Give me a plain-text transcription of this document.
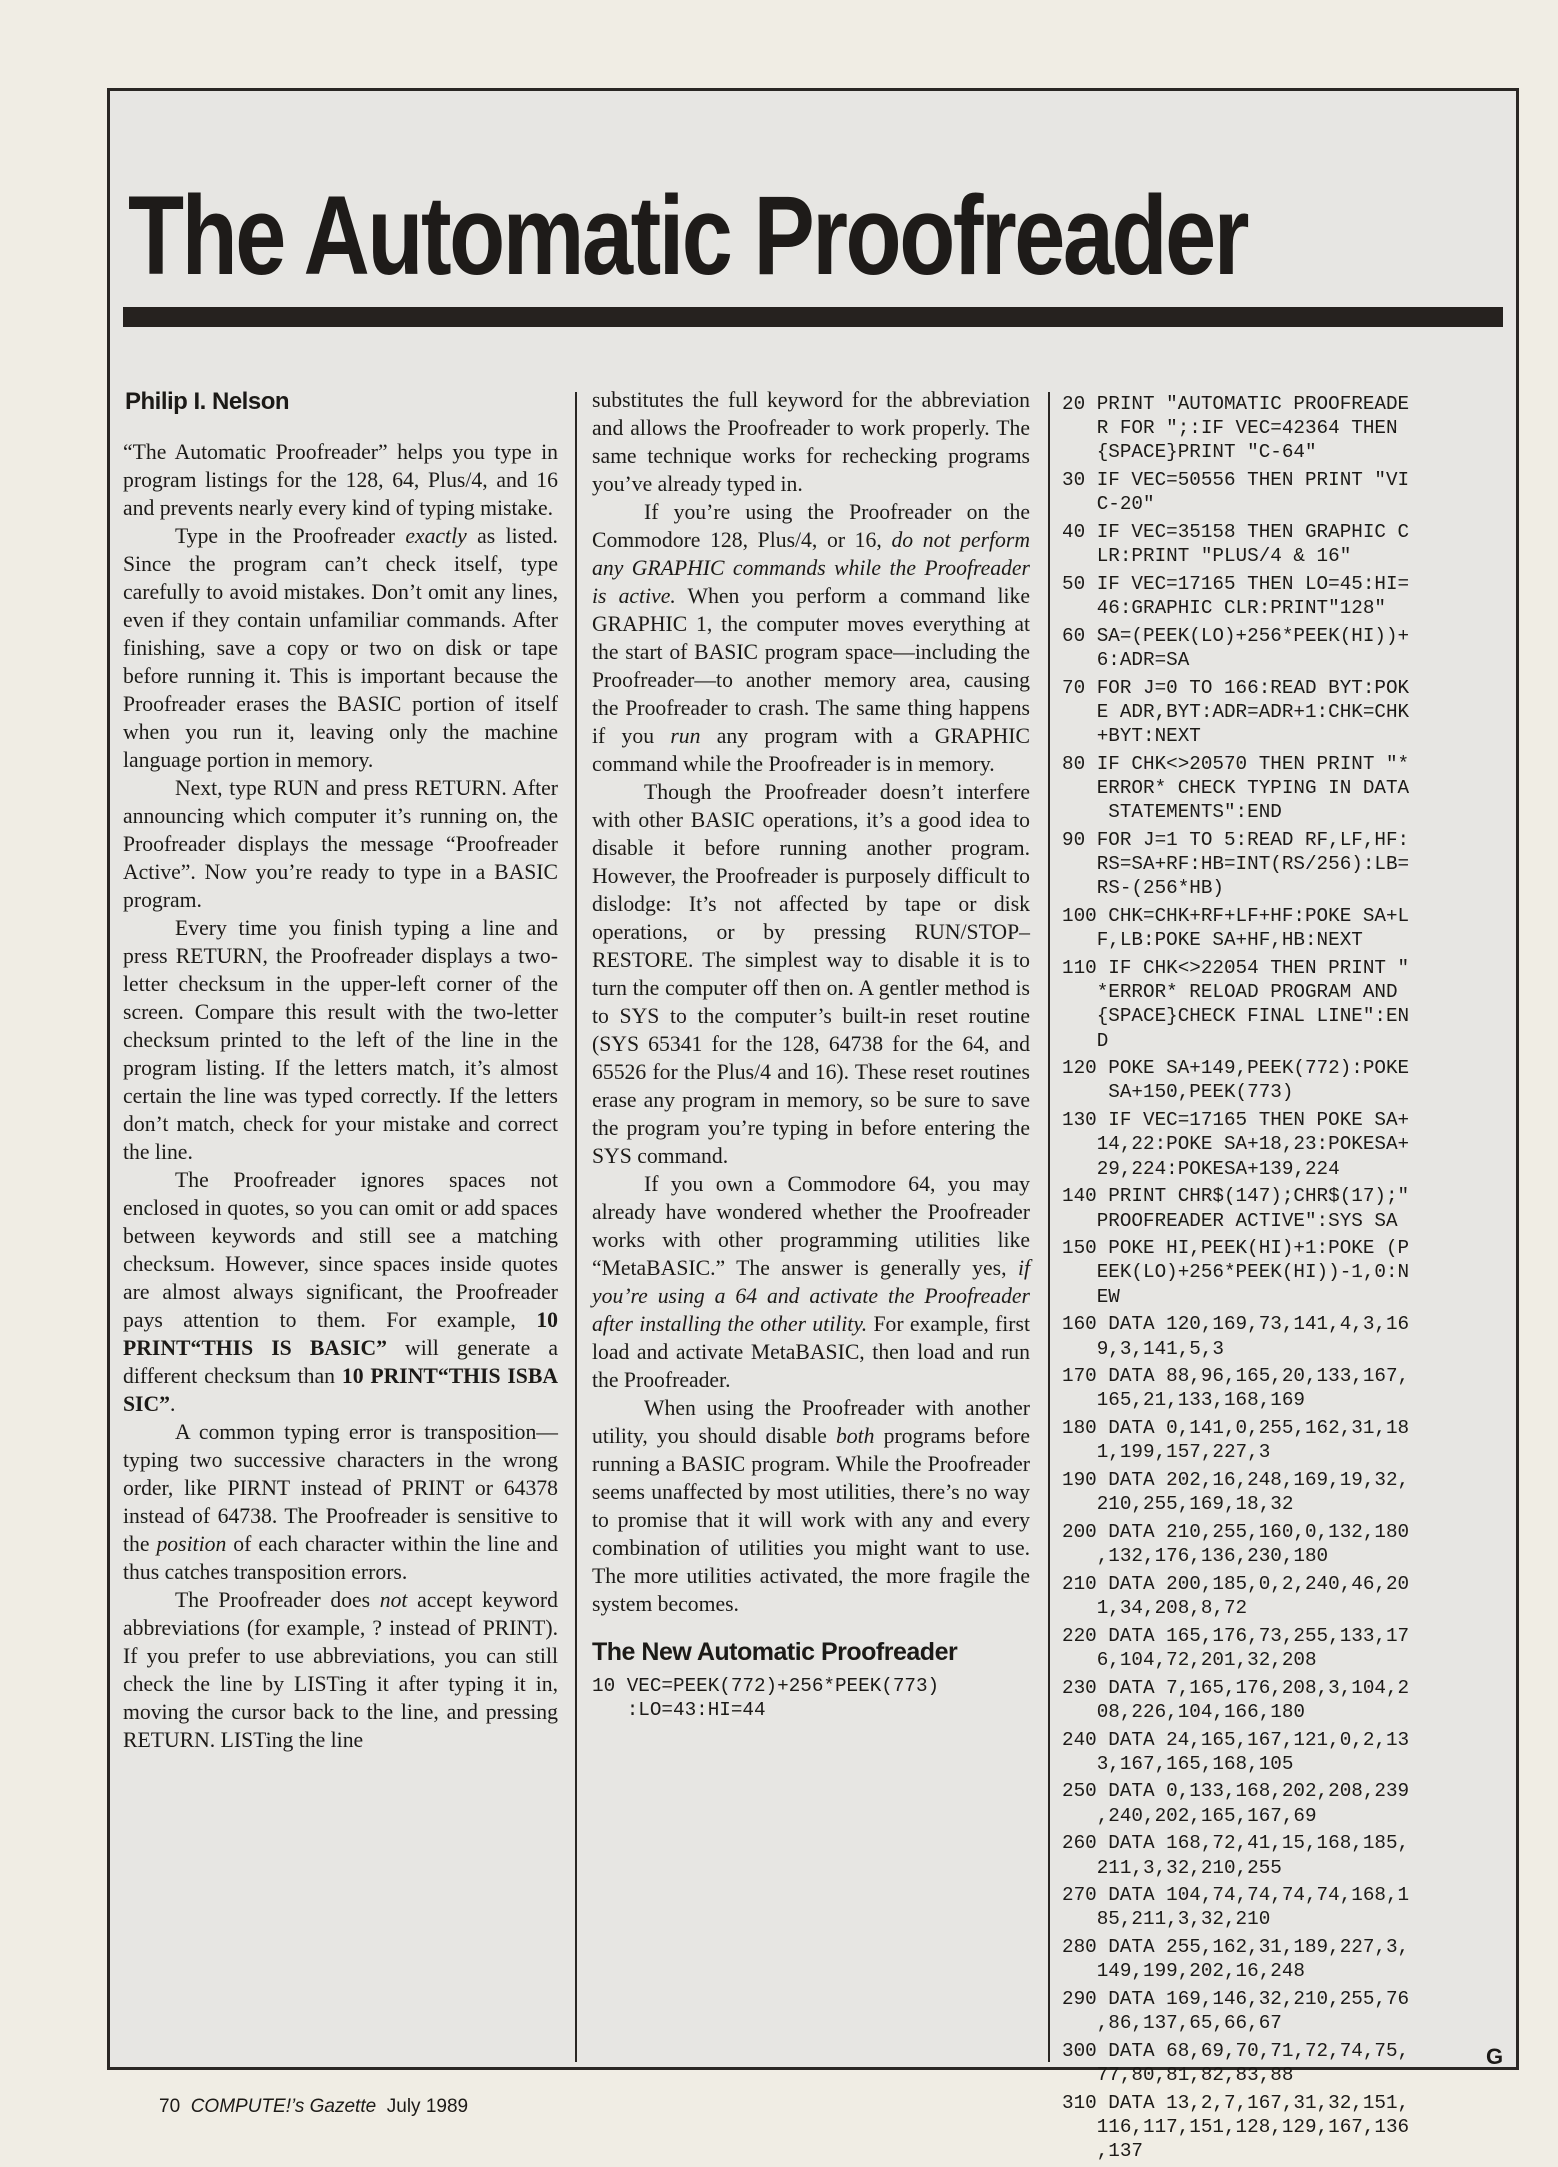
The Automatic Proofreader
Philip I. Nelson

“The Automatic Proofreader” helps you type in program listings for the 128, 64, Plus/4, and 16 and prevents nearly every kind of typing mistake.

Type in the Proofreader exactly as listed. Since the program can’t check itself, type carefully to avoid mistakes. Don’t omit any lines, even if they contain unfamiliar commands. After finishing, save a copy or two on disk or tape before running it. This is important because the Proofreader erases the BASIC portion of itself when you run it, leaving only the machine language portion in memory.

Next, type RUN and press RETURN. After announcing which computer it’s running on, the Proofreader displays the message “Proofreader Active”. Now you’re ready to type in a BASIC program.

Every time you finish typing a line and press RETURN, the Proofreader displays a two-letter checksum in the upper-left corner of the screen. Compare this result with the two-letter checksum printed to the left of the line in the program listing. If the letters match, it’s almost certain the line was typed correctly. If the letters don’t match, check for your mistake and correct the line.

The Proofreader ignores spaces not enclosed in quotes, so you can omit or add spaces between keywords and still see a matching checksum. However, since spaces inside quotes are almost always significant, the Proofreader pays attention to them. For example, 10 PRINT“THIS IS BASIC” will generate a different checksum than 10 PRINT“THIS ISBA SIC”.

A common typing error is transposition—typing two successive characters in the wrong order, like PIRNT instead of PRINT or 64378 instead of 64738. The Proofreader is sensitive to the position of each character within the line and thus catches transposition errors.

The Proofreader does not accept keyword abbreviations (for example, ? instead of PRINT). If you prefer to use abbreviations, you can still check the line by LISTing it after typing it in, moving the cursor back to the line, and pressing RETURN. LISTing the line

substitutes the full keyword for the abbreviation and allows the Proofreader to work properly. The same technique works for rechecking programs you’ve already typed in.

If you’re using the Proofreader on the Commodore 128, Plus/4, or 16, do not perform any GRAPHIC commands while the Proofreader is active. When you perform a command like GRAPHIC 1, the computer moves everything at the start of BASIC program space—including the Proofreader—to another memory area, causing the Proofreader to crash. The same thing happens if you run any program with a GRAPHIC command while the Proofreader is in memory.

Though the Proofreader doesn’t interfere with other BASIC operations, it’s a good idea to disable it before running another program. However, the Proofreader is purposely difficult to dislodge: It’s not affected by tape or disk operations, or by pressing RUN/STOP– RESTORE. The simplest way to disable it is to turn the computer off then on. A gentler method is to SYS to the computer’s built-in reset routine (SYS 65341 for the 128, 64738 for the 64, and 65526 for the Plus/4 and 16). These reset routines erase any program in memory, so be sure to save the program you’re typing in before entering the SYS command.

If you own a Commodore 64, you may already have wondered whether the Proofreader works with other programming utilities like “MetaBASIC.” The answer is generally yes, if you’re using a 64 and activate the Proofreader after installing the other utility. For example, first load and activate MetaBASIC, then load and run the Proofreader.

When using the Proofreader with another utility, you should disable both programs before running a BASIC program. While the Proofreader seems unaffected by most utilities, there’s no way to promise that it will work with any and every combination of utilities you might want to use. The more utilities activated, the more fragile the system becomes.

The New Automatic Proofreader
10 VEC=PEEK(772)+256*PEEK(773)
:LO=43:HI=44
20 PRINT "AUTOMATIC PROOFREADE
R FOR ";:IF VEC=42364 THEN
{SPACE}PRINT "C-64"
30 IF VEC=50556 THEN PRINT "VI
C-20"
40 IF VEC=35158 THEN GRAPHIC C
LR:PRINT "PLUS/4 & 16"
50 IF VEC=17165 THEN LO=45:HI=
46:GRAPHIC CLR:PRINT"128"
60 SA=(PEEK(LO)+256*PEEK(HI))+
6:ADR=SA
70 FOR J=0 TO 166:READ BYT:POK
E ADR,BYT:ADR=ADR+1:CHK=CHK
+BYT:NEXT
80 IF CHK<>20570 THEN PRINT "*
ERROR* CHECK TYPING IN DATA
STATEMENTS":END
90 FOR J=1 TO 5:READ RF,LF,HF:
RS=SA+RF:HB=INT(RS/256):LB=
RS-(256*HB)
100 CHK=CHK+RF+LF+HF:POKE SA+L
F,LB:POKE SA+HF,HB:NEXT
110 IF CHK<>22054 THEN PRINT "
*ERROR* RELOAD PROGRAM AND
{SPACE}CHECK FINAL LINE":EN
D
120 POKE SA+149,PEEK(772):POKE
SA+150,PEEK(773)
130 IF VEC=17165 THEN POKE SA+
14,22:POKE SA+18,23:POKESA+
29,224:POKESA+139,224
140 PRINT CHR$(147);CHR$(17);"
PROOFREADER ACTIVE":SYS SA
150 POKE HI,PEEK(HI)+1:POKE (P
EEK(LO)+256*PEEK(HI))-1,0:N
EW
160 DATA 120,169,73,141,4,3,16
9,3,141,5,3
170 DATA 88,96,165,20,133,167,
165,21,133,168,169
180 DATA 0,141,0,255,162,31,18
1,199,157,227,3
190 DATA 202,16,248,169,19,32,
210,255,169,18,32
200 DATA 210,255,160,0,132,180
,132,176,136,230,180
210 DATA 200,185,0,2,240,46,20
1,34,208,8,72
220 DATA 165,176,73,255,133,17
6,104,72,201,32,208
230 DATA 7,165,176,208,3,104,2
08,226,104,166,180
240 DATA 24,165,167,121,0,2,13
3,167,165,168,105
250 DATA 0,133,168,202,208,239
,240,202,165,167,69
260 DATA 168,72,41,15,168,185,
211,3,32,210,255
270 DATA 104,74,74,74,74,168,1
85,211,3,32,210
280 DATA 255,162,31,189,227,3,
149,199,202,16,248
290 DATA 169,146,32,210,255,76
,86,137,65,66,67
300 DATA 68,69,70,71,72,74,75,
77,80,81,82,83,88
310 DATA 13,2,7,167,31,32,151,
116,117,151,128,129,167,136
,137
G

70 COMPUTE!’s Gazette July 1989
